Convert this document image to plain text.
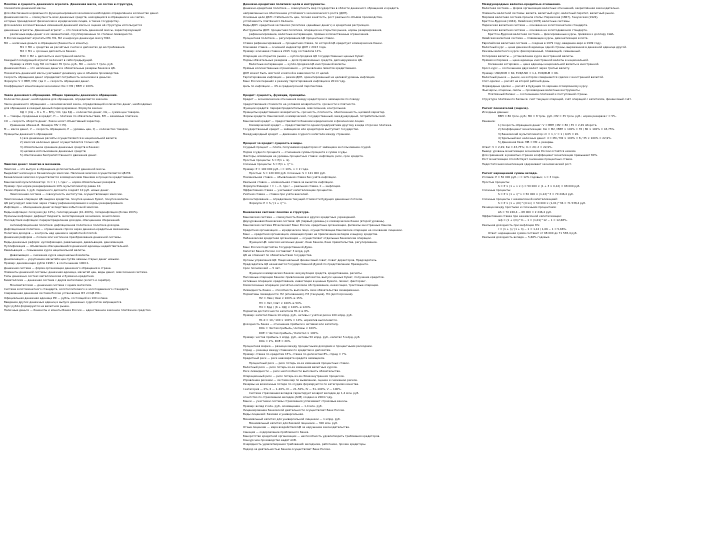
Понятие и сущность денежного агрегата. Денежная масса, её состав и структура,
показатели денежной массы.
Для обеспечения нормального функционирования экономики необходимо определённое количество денег.
Денежная масса — совокупность всех денежных средств, находящихся в обращении и на счетах,
которые принадлежат физическим и юридическим лицам, а также государству.
Для анализа количественных изменений денежной массы и оценки её структуры используются
денежные агрегаты. Денежный агрегат — это показатель денежной массы, характеризующий
различные виды денег и их заменителей, сгруппированные по степени ликвидности.
В России выделяют агрегаты М0, М1, М2 и широкую денежную массу М2Х.
М0 — наличные деньги в обращении (банкноты и монеты).
М1 = М0 + средства на расчётных счетах и депозитах до востребования.
М2 = М1 + срочные депозиты в банках.
М2Х = М2 + депозиты в иностранной валюте.
Каждый последующий агрегат включает в себя предыдущий.
Пример: в 2015 году М2 составил 35 трлн. руб., М0 — около 7 трлн. руб.
Денежная база — это наличные деньги и обязательные резервы банков в ЦБ.
Показатель денежной массы учитывает динамику цен и объёмов производства.
Скорость обращения денег определяет потребность экономики в деньгах.
Формула: V = ВВП / М2, где V — скорость обращения денег.
Коэффициент монетизации экономики: Км = М2 / ВВП × 100%.
Закон денежного обращения. Общие принципы денежного обращения.
Количество денег, необходимое для обращения, определяется законом.
Закон денежного обращения — экономический закон, определяющий количество денег, необходимых
для обращения в каждый данный период времени. Формула закона:
КД = (СЦ − К + П − ВП) / СО, где КД — количество денег, СЦ — сумма цен товаров,
К — товары, проданные в кредит, П — платежи по обязательствам, ВП — взаимные платежи,
СО — скорость оборота денег. Закон носит объективный характер.
Уравнение обмена И. Фишера: MV = PQ.
M — масса денег, V — скорость обращения, P — уровень цен, Q — количество товаров.
Принципы денежного обращения:
1) все денежные расчёты осуществляются в национальной валюте;
2) эмиссия наличных денег осуществляется только ЦБ;
3) обязательное хранение денежных средств в банках;
4) целевое использование денежных средств;
5) обеспечение беспрепятственного движения денег.
Эмиссия денег: понятие и механизм.
Эмиссия — это выпуск в обращение дополнительной денежной массы.
Выделяют наличную и безналичную эмиссию. Наличная эмиссия осуществляется ЦБ РФ.
Безналичная эмиссия осуществляется коммерческими банками в процессе кредитования.
Банковский мультипликатор: m = 1 / r, где r — норма обязательных резервов.
Пример: при норме резервирования 10% мультипликатор равен 10.
Таким образом, 1 руб. первичного депозита создаёт 10 руб. новых денег.
Эмиссионная система — совокупность институтов, осуществляющих эмиссию.
Эмиссионные операции ЦБ: выдача кредитов, покупка ценных бумаг, покупка валюты.
ЦБ регулирует эмиссию через ставку рефинансирования и нормы резервирования.
Инфляция — обесценение денег вследствие избыточной эмиссии.
Виды инфляции: ползучая (до 10%), галопирующая (10–200%), гиперинфляция (более 200%).
Причины инфляции: дефицит бюджета, милитаризация экономики, монополизм.
Последствия инфляции: перераспределение доходов, обесценение сбережений.
Антиинфляционная политика: дефляционная политика и политика доходов.
Дефляционная политика — ограничение спроса через денежно-кредитные механизмы.
Политика доходов — контроль над ценами и заработной платой.
Денежная реформа — полное или частичное преобразование денежной системы.
Виды денежных реформ: нуллификация, ревальвация, девальвация, деноминация.
Нуллификация — объявление обесценившейся денежной единицы недействительной.
Ревальвация — повышение курса национальной валюты.
Девальвация — снижение курса национальной валюты.
Деноминация — укрупнение масштаба цен путём замены старых денег новыми.
Пример: деноминация рубля 1998 г. в соотношении 1000:1.
Денежная система — форма организации денежного обращения в стране.
Элементы денежной системы: денежная единица, масштаб цен, виды денег, эмиссионная система.
Типы денежных систем: металлическая и бумажно-кредитная.
Биметаллизм — денежная система с двумя металлами (золото и серебро).
Монометаллизм — денежная система с одним металлом.
Система золотомонетного стандарта, золотослиткового и золотодевизного стандарта.
Современная денежная система России установлена ФЗ «О ЦБ РФ».
Официальная денежная единица РФ — рубль, состоящий из 100 копеек.
Введение других денежных единиц и выпуск денежных суррогатов запрещается.
Курс рубля формируется на валютном рынке.
Наличные деньги — банкноты и монеты Банка России — единственное законное платёжное средство.
Денежно-кредитная политика: цели и инструменты.
Денежно-кредитная политика — совокупность мер государства в области денежного обращения и кредита,
направленных на обеспечение устойчивого экономического роста (ДКП).
Основные цели ДКП: стабильность цен, полная занятость, рост реального объёма производства,
устойчивость платёжного баланса.
Виды ДКП: кредитная экспансия (политика «дешёвых денег») и кредитная рестрикция.
Инструменты ДКП: процентная политика, операции на открытом рынке, нормы резервирования,
рефинансирование, валютные интервенции, прямые количественные ограничения.
Процентная политика — регулирование ЦБ процентных ставок.
Ставка рефинансирования — процентная ставка, по которой ЦБ кредитует коммерческие банки.
Ключевая ставка — основной индикатор ДКП с 2013 года.
Пример: ключевая ставка в 2015 году составляла 11%.
Операции на открытом рынке — купля-продажа ЦБ государственных ценных бумаг.
Нормы обязательных резервов — доля привлечённых средств, депонируемая в ЦБ.
Валютные интервенции — купля-продажа ЦБ иностранной валюты.
Прямые количественные ограничения — установление лимитов кредитования.
ДКП может быть жёсткой и мягкой в зависимости от целей.
Таргетирование инфляции — режим ДКП, ориентированный на целевой уровень инфляции.
Банк России перешёл к режиму таргетирования инфляции в 2014 году.
Цель по инфляции — 4% в среднесрочной перспективе.
Кредит: сущность, функции, принципы.
Кредит — экономические отношения между кредитором и заёмщиком по поводу
предоставления стоимости на условиях возвратности, срочности и платности.
Функции кредита: перераспределительная, эмиссионная, контрольная.
Принципы кредитования: возвратность, срочность, платность, обеспеченность, целевой характер.
Формы кредита: банковский, коммерческий, государственный, международный, потребительский.
Банковский кредит — предоставляется банками юридическим и физическим лицам.
Коммерческий кредит — предоставляется одним предприятием другому в виде отсрочки платежа.
Государственный кредит — заёмщиком или кредитором выступает государство.
Международный кредит — движение ссудного капитала между странами.
Процент за кредит: сущность и виды.
Ссудный процент — плата, получаемая кредитором от заёмщика за пользование ссудой.
Норма ссудного процента — отношение суммы процента к сумме ссуды.
Факторы, влияющие на уровень процентных ставок: инфляция, риск, срок кредита.
Простые проценты: S = P(1 + ni).
Сложные проценты: S = P(1 + i)^n.
Пример: P = 100 000 руб., i = 10%, n = 2 года.
Простые: S = 120 000 руб. Сложные: S = 121 000 руб.
Номинальная ставка — объявленная ставка без учёта инфляции.
Реальная ставка — номинальная ставка за вычетом инфляции.
Формула Фишера: r = i − π, где r — реальная ставка, π — инфляция.
Эффективная ставка — учитывает капитализацию процентов.
Учётная ставка — ставка при учёте векселей.
Дисконтирование — определение текущей стоимости будущих денежных потоков.
Формула: P = S / (1 + i)^n.
Банковская система: понятие и структура.
Банковская система — совокупность банков и других кредитных учреждений.
Двухуровневая банковская система: ЦБ (первый уровень) и коммерческие банки (второй уровень).
Банковская система РФ включает Банк России, кредитные организации, филиалы иностранных банков.
Кредитная организация — юридическое лицо, осуществляющее банковские операции на основании лицензии.
Банк — кредитная организация, имеющая право на привлечение вкладов и выдачу кредитов.
Небанковская кредитная организация — осуществляет отдельные банковские операции.
Функции ЦБ: эмиссия наличных денег, банк банков, банк правительства, регулирование.
Банк России подотчётен Государственной Думе.
Капитал Банка России составляет 3 млрд. руб.
ЦБ не отвечает по обязательствам государства.
Органы управления ЦБ: Национальный финансовый совет, Совет директоров, Председатель.
Председатель ЦБ назначается Государственной Думой по представлению Президента.
Срок полномочий — 5 лет.
Функции коммерческих банков: аккумуляция средств, кредитование, расчёты.
Пассивные операции банков: привлечение депозитов, выпуск ценных бумаг, получение кредитов.
Активные операции: кредитование, инвестиции в ценные бумаги, лизинг, факторинг.
Комиссионные операции: расчётно-кассовое обслуживание, инкассация, трастовые операции.
Ликвидность банка — способность выполнять свои обязательства своевременно.
Нормативы ликвидности: Н2 (мгновенная), Н3 (текущая), Н4 (долгосрочная).
Н2 = Лам / Овм × 100% ≥ 15%.
Н3 = Лат / Овт × 100% ≥ 50%.
Н4 = Крд / (К + ОД) × 100% ≤ 120%.
Норматив достаточности капитала Н1.0 ≥ 8%.
Пример: капитал банка 10 млрд. руб., активы с учётом риска 100 млрд. руб.
Н1.0 = 10 / 100 × 100% = 10%, норматив выполняется.
Доходность банка — отношение прибыли к активам или капиталу.
ROA = Чистая прибыль / Активы × 100%.
ROE = Чистая прибыль / Капитал × 100%.
Пример: чистая прибыль 1 млрд. руб., активы 50 млрд. руб., капитал 5 млрд. руб.
ROA = 2%, ROE = 20%.
Процентная маржа — разница между процентными доходами и процентными расходами.
Спред — разница между ставками по кредитам и депозитам.
Пример: ставка по кредитам 15%, ставка по депозитам 8%, спред = 7%.
Кредитный риск — риск невозврата кредита заёмщиком.
Процентный риск — риск потерь из-за изменения процентных ставок.
Валютный риск — риск потерь из-за изменения валютных курсов.
Риск ликвидности — риск неспособности выполнить обязательства.
Операционный риск — риск потерь из-за сбоев внутренних процессов.
Управление рисками — система мер по выявлению, оценке и снижению рисков.
Резервы на возможные потери по ссудам формируются по категориям качества.
I категория — 0%, II — 1–20%, III — 21–50%, IV — 51–100%, V — 100%.
Система страхования вкладов гарантирует возврат вкладов до 1,4 млн. руб.
Агентство по страхованию вкладов (АСВ) создано в 2004 году.
Банки — участники системы страхования уплачивают страховые взносы.
Пример: вклад 2 млн. руб., возмещение — 1,4 млн. руб.
Лицензирование банковской деятельности осуществляет Банк России.
Виды лицензий: базовая и универсальная.
Минимальный капитал для универсальной лицензии — 1 млрд. руб.
Минимальный капитал для базовой лицензии — 300 млн. руб.
Отзыв лицензии — мера воздействия ЦБ за нарушение законодательства.
Санация — оздоровление проблемного банка.
Банкротство кредитной организации — неспособность удовлетворить требования кредиторов.
Конкурсное производство ведёт АСВ.
Очерёдность удовлетворения требований: вкладчики, работники, прочие кредиторы.
Надзор за деятельностью банков осуществляет Банк России.
Международные валютно-кредитные отношения.
Валютная система — форма организации валютных отношений, закреплённая законодательно.
Элементы валютной системы: валюта, валютный курс, валютный паритет, валютный рынок.
Мировая валютная система прошла этапы: Парижская (1867), Генуэзская (1922),
Бреттон-Вудская (1944), Ямайская (1976) валютные системы.
Парижская валютная система — основана на золотомонетном стандарте.
Генуэзская валютная система — основана на золотодевизном стандарте.
Бреттон-Вудская валютная система — фиксированные курсы, привязка к доллару США.
Ямайская валютная система — плавающие курсы, демонетизация золота.
Европейская валютная система — создана в 1979 году, введение евро в 1999 году.
Валютный курс — цена денежной единицы одной страны, выраженная в денежной единице другой.
Режимы валютного курса: фиксированный, плавающий, смешанный.
Котировка валюты — установление курса иностранной валюты.
Прямая котировка — цена единицы иностранной валюты в национальной.
Косвенная котировка — цена единицы национальной валюты в иностранной.
Кросс-курс — соотношение двух валют через третью валюту.
Пример: USD/RUB = 60, EUR/USD = 1,1, EUR/RUB = 66.
Валютный рынок — рынок, на котором совершаются сделки с иностранной валютой.
Спот-сделки — расчёт на второй рабочий день.
Форвардные сделки — расчёт в будущем по заранее оговорённому курсу.
Фьючерсы, опционы, свопы — производные валютные инструменты.
Платёжный баланс — соотношение платежей и поступлений страны.
Структура платёжного баланса: счёт текущих операций, счёт операций с капиталом, финансовый счёт.
Расчёт показателей (задача).
Исходные данные:
ВВП = 80 трлн. руб.; М0 = 8 трлн. руб.; М2 = 35 трлн. руб.; норма резервов r = 5%.
Решение:
1) Скорость обращения денег: V = ВВП / М2 = 80 / 35 = 2,29 оборота.
2) Коэффициент монетизации: Км = М2 / ВВП × 100% = 35 / 80 × 100% = 43,75%.
3) Банковский мультипликатор: m = 1 / r = 1 / 0,05 = 20.
4) Удельный вес наличных денег: d = М0 / М2 × 100% = 8 / 35 × 100% = 22,9%.
5) Денежная база: МВ = М0 + резервы.
Ответ: V = 2,29; Км = 43,75%; m = 20; d = 22,9%.
Вывод: уровень монетизации экономики России остаётся низким.
Для сравнения: в развитых странах коэффициент монетизации превышает 80%.
Рост монетизации способствует снижению процентных ставок.
Недостаточная монетизация сдерживает экономический рост.
Расчёт наращенной суммы вклада.
Условие: P = 50 000 руб.; i = 12% годовых; n = 3 года.
Простые проценты:
S = P × (1 + n × i) = 50 000 × (1 + 3 × 0,12) = 68 000 руб.
Сложные проценты:
S = P × (1 + i)^n = 50 000 × (1,12)^3 = 70 246,4 руб.
Сложные проценты с ежемесячной капитализацией:
S = P × (1 + i/m)^(m×n) = 50 000 × (1,01)^36 = 71 538,4 руб.
Разница между простыми и сложными процентами:
ΔS = 70 246,4 − 68 000 = 2 246,4 руб.
Эффективная ставка при ежемесячной капитализации:
iэф = (1 + i/m)^m − 1 = (1,01)^12 − 1 = 12,68%.
Реальная доходность при инфляции 6%:
r = (1 + i) / (1 + π) − 1 = 1,12 / 1,06 − 1 = 5,66%.
Ответ: наращенная сумма составит от 68 000 до 71 538,4 руб.
Реальная доходность вклада — 5,66% годовых.
